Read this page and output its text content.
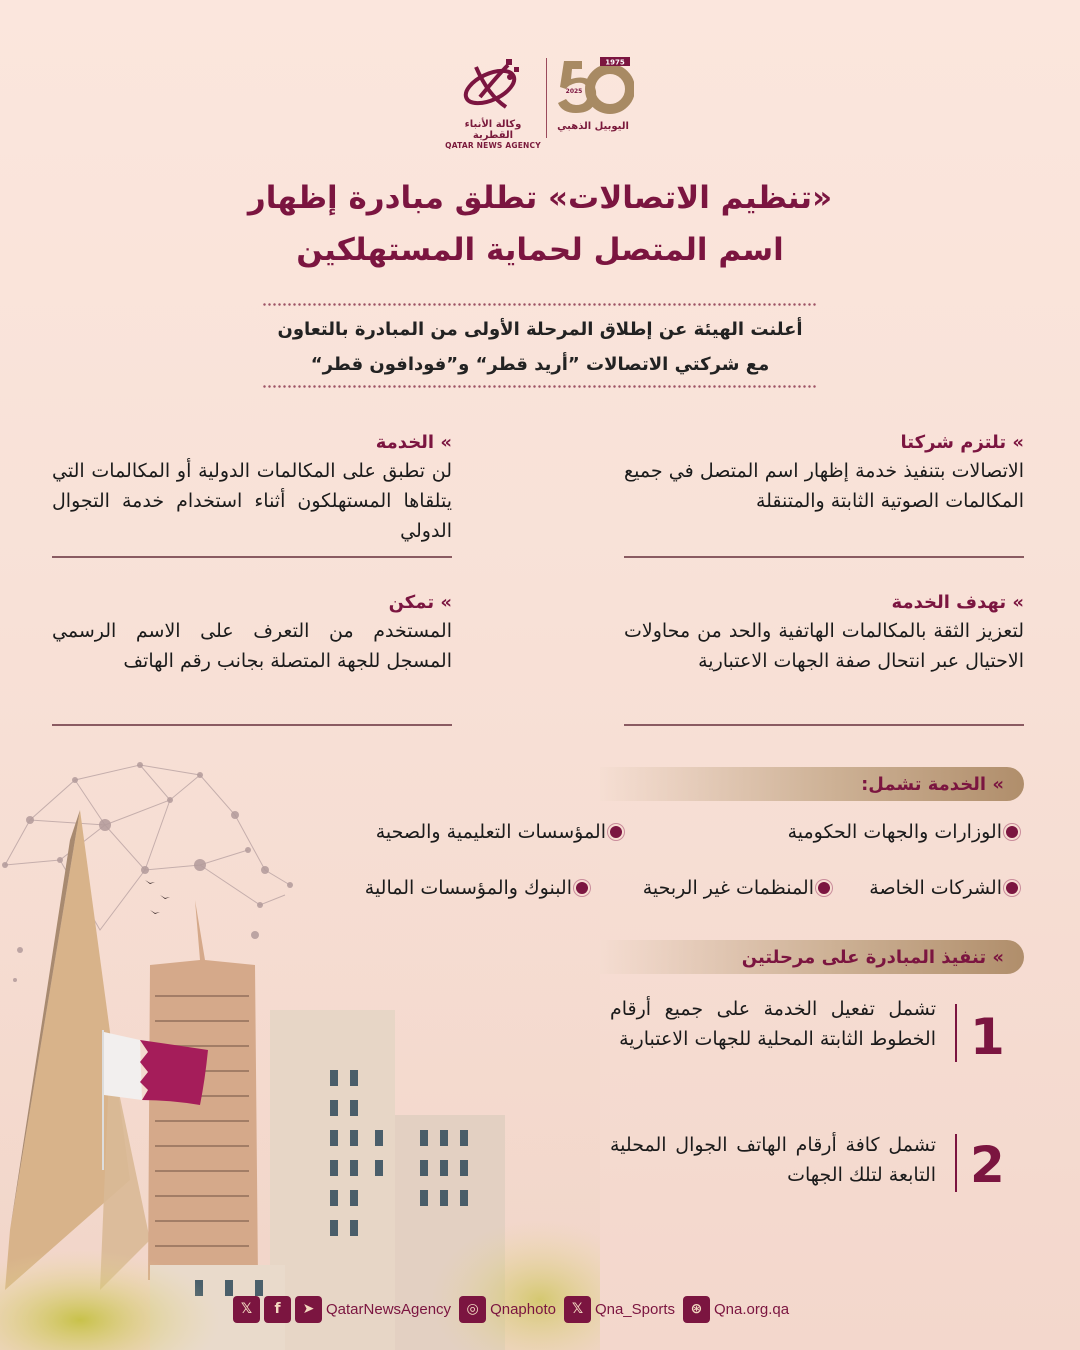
وكالة الأنباء القطرية
QATAR NEWS AGENCY
1975
2025
اليوبيل الذهبي
«تنظيم الاتصالات» تطلق مبادرة إظهار
اسم المتصل لحماية المستهلكين
أعلنت الهيئة عن إطلاق المرحلة الأولى من المبادرة بالتعاون
مع شركتي الاتصالات ”أريد قطر“ و”فودافون قطر“
» تلتزم شركتا
الاتصالات بتنفيذ خدمة إظهار اسم المتصل في جميع المكالمات الصوتية الثابتة والمتنقلة
» الخدمة
لن تطبق على المكالمات الدولية أو المكالمات التي يتلقاها المستهلكون أثناء استخدام خدمة التجوال الدولي
» تهدف الخدمة
لتعزيز الثقة بالمكالمات الهاتفية والحد من محاولات الاحتيال عبر انتحال صفة الجهات الاعتبارية
» تمكن
المستخدم من التعرف على الاسم الرسمي المسجل للجهة المتصلة بجانب رقم الهاتف
» الخدمة تشمل:
الوزارات والجهات الحكومية
المؤسسات التعليمية والصحية
الشركات الخاصة
المنظمات غير الربحية
البنوك والمؤسسات المالية
» تنفيذ المبادرة على مرحلتين
1
تشمل تفعيل الخدمة على جميع أرقام الخطوط الثابتة المحلية للجهات الاعتبارية
2
تشمل كافة أرقام الهاتف الجوال المحلية التابعة لتلك الجهات
𝕏	f	➤ QatarNewsAgency	◎ Qnaphoto	𝕏 Qna_Sports	⊛ Qna.org.qa
